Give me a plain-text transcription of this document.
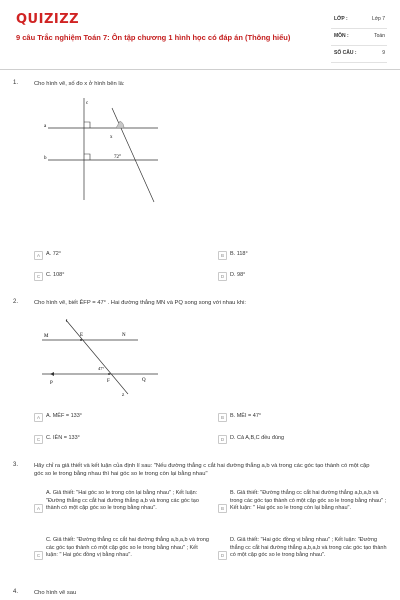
QUIZIZZ
9 câu Trắc nghiệm Toán 7: Ôn tập chương 1 hình học có đáp án (Thông hiểu)
LỚP :	Lớp 7
MÔN :	Toán
SỐ CÂU :	9
1.	Cho hình vẽ, số đo x ở hình bên là:
c
a
b
x
72°
A	A. 72°	B	B. 118°
C	C. 108°	D	D. 98°
2.	Cho hình vẽ, biết ÊFP = 47° . Hai đường thẳng MN và PQ song song với nhau khi:
t
M	E	N
P	F	Q
z
47°
A	A. MÊF = 133°	B	B. MÊI = 47°
C	C. IÊN = 133°	D	D. Cả A,B,C đều đúng
3.	Hãy chỉ ra giả thiết và kết luận của định lí sau: "Nếu đường thẳng c cắt hai đường thẳng a,b và trong các góc tạo thành có một cặp góc so le trong bằng nhau thì hai góc so le trong còn lại bằng nhau"
A
A. Giả thiết: "Hai góc so le trong còn lại bằng nhau" ; Kết luận: "Đường thẳng cc cắt hai đường thẳng a,b và trong các góc tạo thành có một cặp góc so le trong bằng nhau".	B
B. Giả thiết: "Đường thẳng cc cắt hai đường thẳng a,b,a,b và trong các góc tạo thành có một cặp góc so le trong bằng nhau" ; Kết luận: " Hai góc so le trong còn lại bằng nhau".
C
C. Giả thiết: "Đường thẳng cc cắt hai đường thẳng a,b,a,b và trong các góc tạo thành có một cặp góc so le trong bằng nhau" ; Kết luận: " Hai góc đồng vị bằng nhau".	D
D. Giả thiết: "Hai góc đồng vị bằng nhau" ; Kết luận: "Đường thẳng cc cắt hai đường thẳng a,b,a,b và trong các góc tạo thành có một cặp góc so le trong bằng nhau".
4.	Cho hình vẽ sau
